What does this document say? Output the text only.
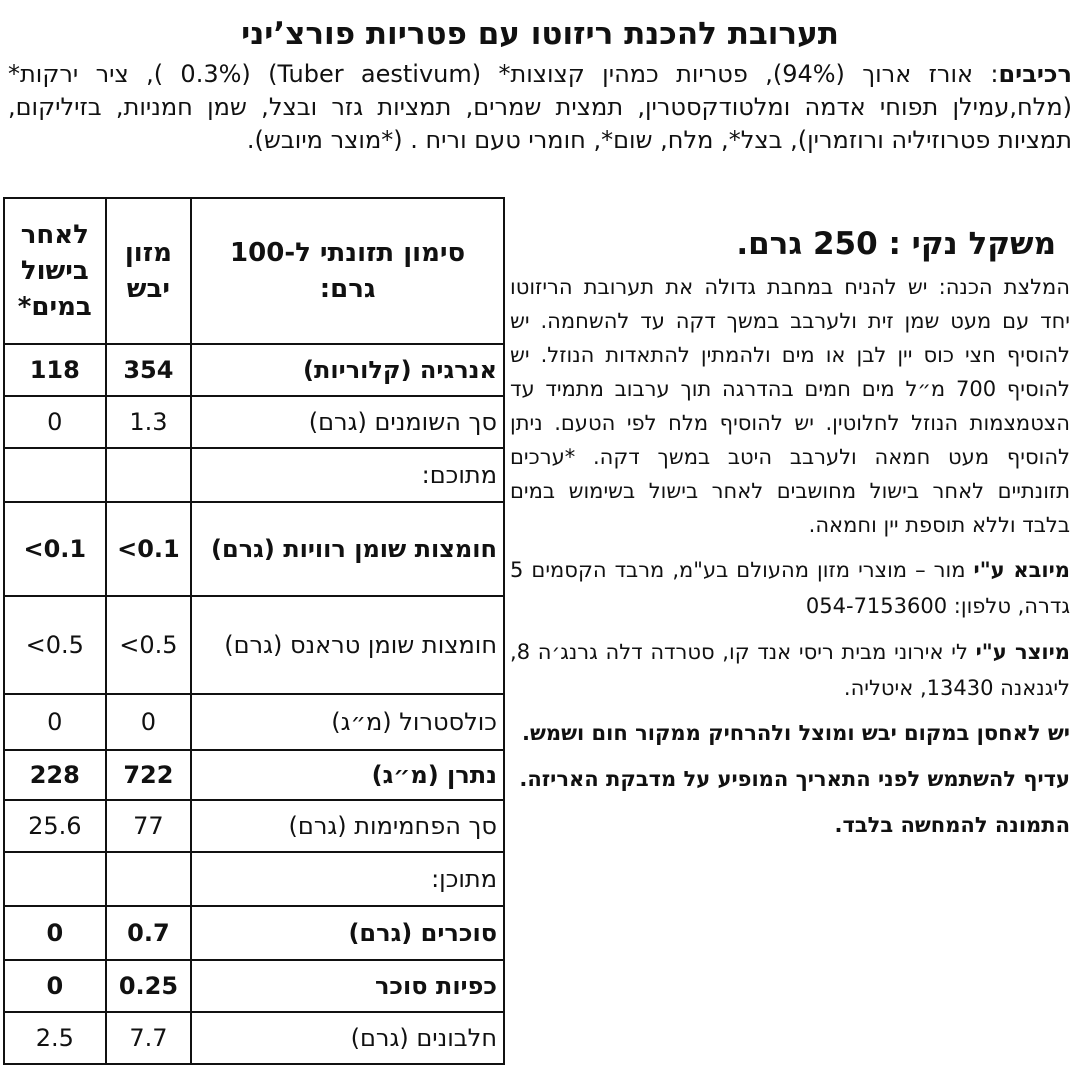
תערובת להכנת ריזוטו עם פטריות פורצ’יני
רכיבים: אורז ארוך (94%), פטריות כמהין קצוצות* (Tuber aestivum) (0.3% ), ציר ירקות* (מלח,עמילן תפוחי אדמה ומלטודקסטרין, תמצית שמרים, תמציות גזר ובצל, שמן חמניות, בזיליקום, תמציות פטרוזיליה ורוזמרין), בצל*, מלח, שום*, חומרי טעם וריח . (*מוצר מיובש).
סימון תזונתי ל-100 גרם:	מזון יבש	לאחר בישול במים*
אנרגיה (קלוריות)	354	118
סך השומנים (גרם)	1.3	0
מתוכם:		
חומצות שומן רוויות (גרם)	0.1>	0.1>
חומצות שומן טראנס (גרם)	0.5>	0.5>
כולסטרול (מ״ג)	0	0
נתרן (מ״ג)	722	228
סך הפחמימות (גרם)	77	25.6
מתוכן:		
סוכרים (גרם)	0.7	0
כפיות סוכר	0.25	0
חלבונים (גרם)	7.7	2.5
משקל נקי : 250 גרם.
המלצת הכנה: יש להניח במחבת גדולה את תערובת הריזוטו יחד עם מעט שמן זית ולערבב במשך דקה עד להשחמה. יש להוסיף חצי כוס יין לבן או מים ולהמתין להתאדות הנוזל. יש להוסיף 700 מ״ל מים חמים בהדרגה תוך ערבוב מתמיד עד הצטמצמות הנוזל לחלוטין. יש להוסיף מלח לפי הטעם. ניתן להוסיף מעט חמאה ולערבב היטב במשך דקה. *ערכים תזונתיים לאחר בישול מחושבים לאחר בישול בשימוש במים בלבד וללא תוספת יין וחמאה.
מיובא ע"י מור – מוצרי מזון מהעולם בע"מ, מרבד הקסמים 5 גדרה, טלפון: 054-7153600
מיוצר ע"י לי אירוני מבית ריסי אנד קו, סטרדה דלה גרנג׳ה 8, ליגנאנה 13430, איטליה.
יש לאחסן במקום יבש ומוצל ולהרחיק ממקור חום ושמש.
עדיף להשתמש לפני התאריך המופיע על מדבקת האריזה.
התמונה להמחשה בלבד.
